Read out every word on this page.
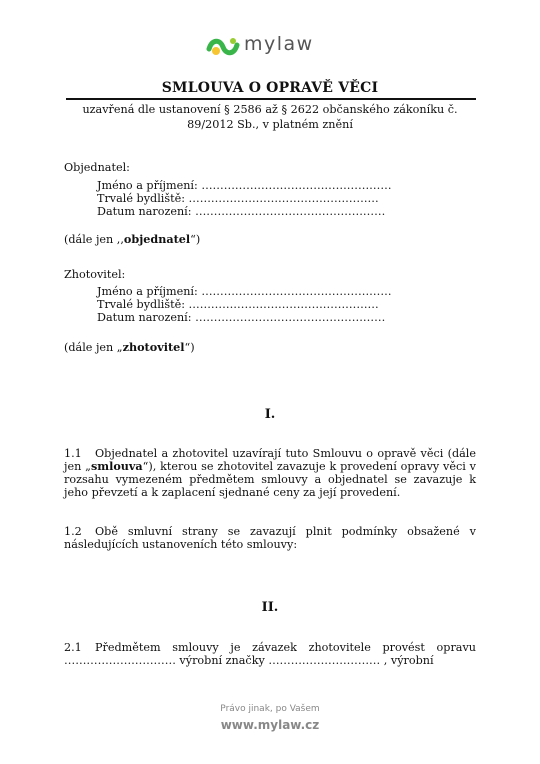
mylaw
SMLOUVA O OPRAVĚ VĚCI
uzavřená dle ustanovení § 2586 až § 2622 občanského zákoníku č.
89/2012 Sb., v platném znění
Objednatel:
Jméno a příjmení: ……………………………………………
Trvalé bydliště: ……………………………………………
Datum narození: ……………………………………………
(dále jen ,,objednatel“)
Zhotovitel:
Jméno a příjmení: ……………………………………………
Trvalé bydliště: ……………………………………………
Datum narození: ……………………………………………
(dále jen „zhotovitel“)
I.
1.1 Objednatel a zhotovitel uzavírají tuto Smlouvu o opravě věci (dále jen „smlouva“), kterou se zhotovitel zavazuje k provedení opravy věci v rozsahu vymezeném předmětem smlouvy a objednatel se zavazuje k jeho převzetí a k zaplacení sjednané ceny za její provedení.
1.2 Obě smluvní strany se zavazují plnit podmínky obsažené v následujících ustanoveních této smlouvy:
II.
2.1 Předmětem smlouvy je závazek zhotovitele provést opravu ………………………… výrobní značky ………………………… , výrobní
Právo jinak, po Vašem
www.mylaw.cz
